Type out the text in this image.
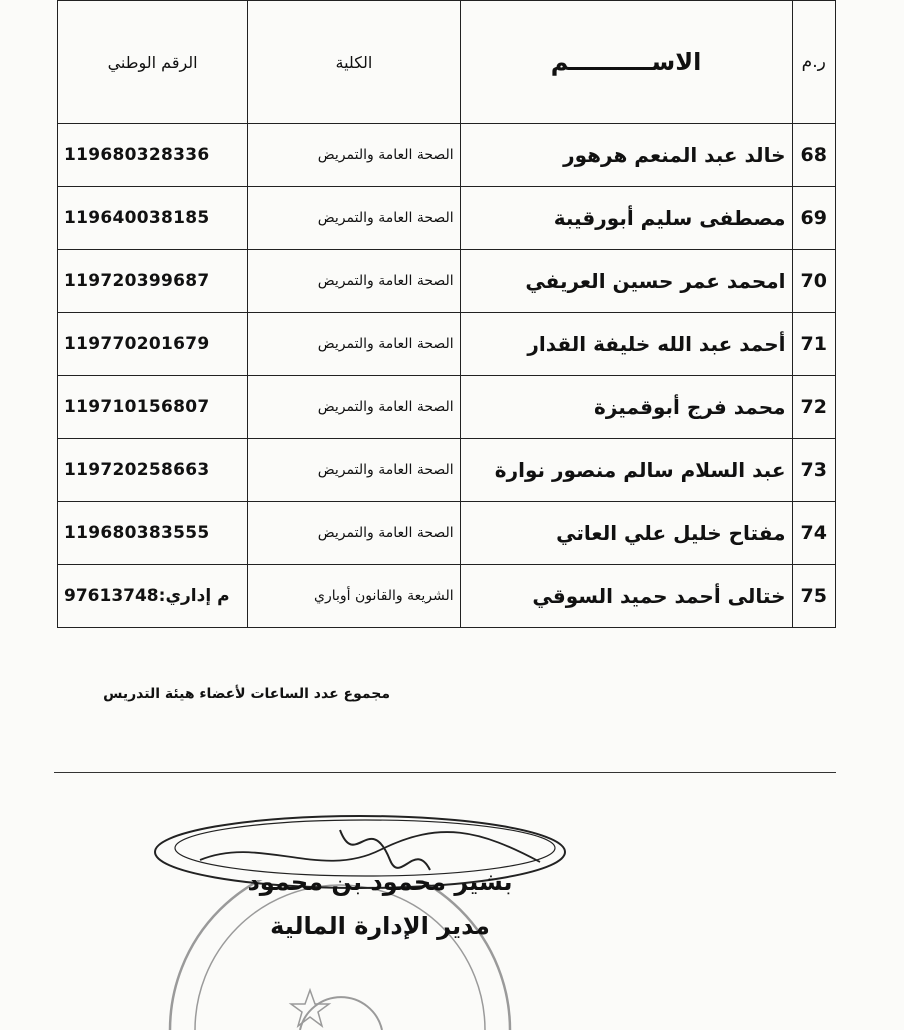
ر.م	الاســــــــــم	الكلية	الرقم الوطني
68	خالد عبد المنعم هرهور	الصحة العامة والتمريض	119680328336
69	مصطفى سليم أبورقيبة	الصحة العامة والتمريض	119640038185
70	امحمد عمر حسين العريفي	الصحة العامة والتمريض	119720399687
71	أحمد عبد الله خليفة القدار	الصحة العامة والتمريض	119770201679
72	محمد فرج أبوقميزة	الصحة العامة والتمريض	119710156807
73	عبد السلام سالم منصور نوارة	الصحة العامة والتمريض	119720258663
74	مفتاح خليل علي العاتي	الصحة العامة والتمريض	119680383555
75	ختالى أحمد حميد السوقي	الشريعة والقانون أوباري	م إداري:97613748
مجموع عدد الساعات لأعضاء هيئة التدريس
بشير محمود بن محمود
مدير الإدارة المالية
